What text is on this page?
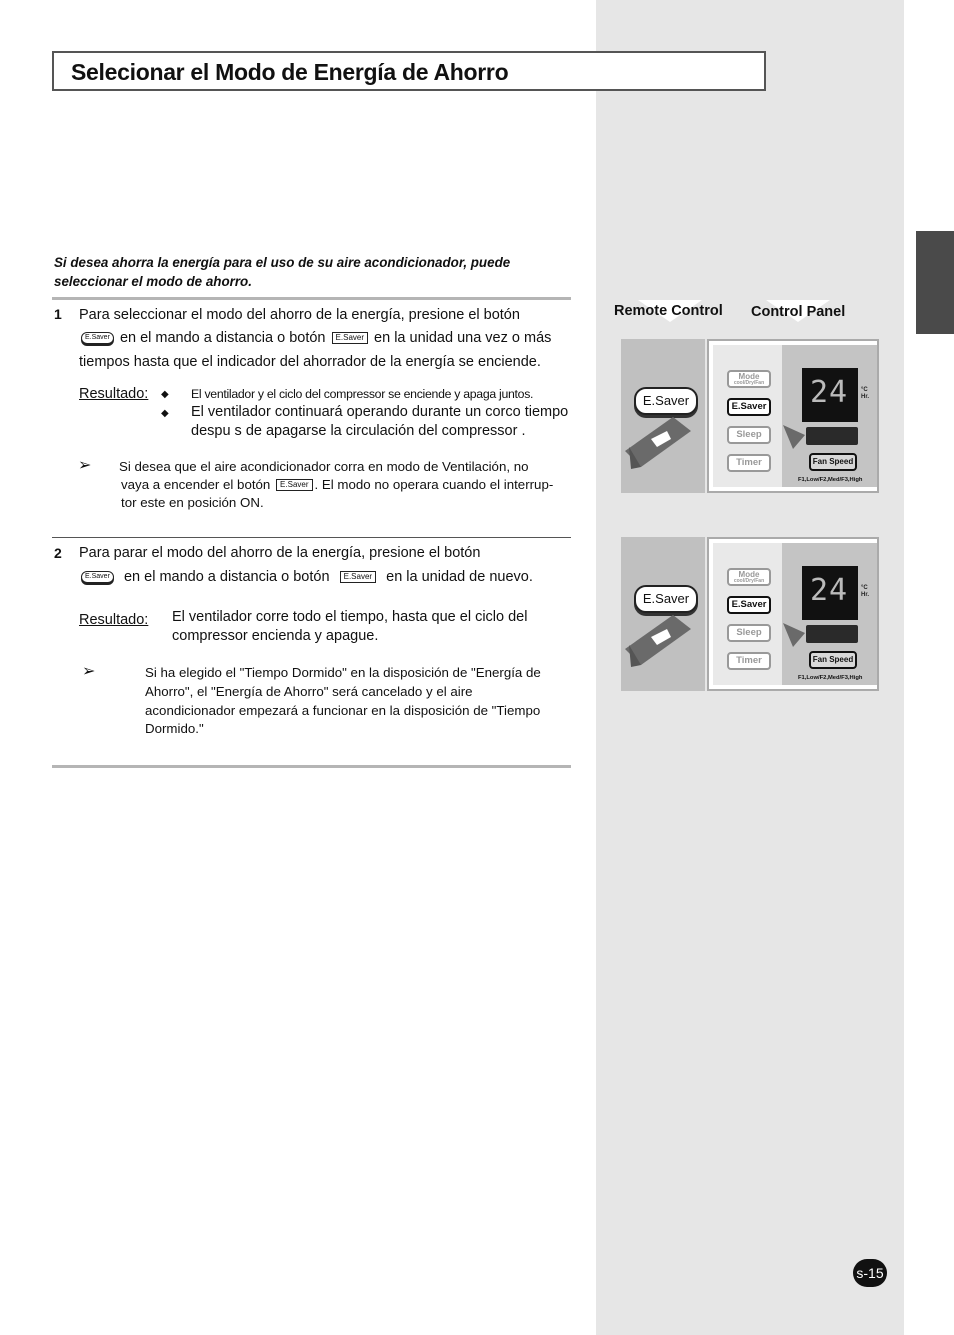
Selecionar el Modo de Energía de Ahorro
Si desea ahorra la energía para el uso de su aire acondicionador, puede seleccionar el modo de ahorro.
1 Para seleccionar el modo del ahorro de la energía, presione el botón
E.Saver en el mando a distancia o botón E.Saver en la unidad una vez o más
tiempos hasta que el indicador del ahorrador de la energía se enciende.
Resultado: ◆ El ventilador y el ciclo del compressor se enciende y apaga juntos.
◆ El ventilador continuará operando durante un corco tiempo
despu s de apagarse la circulación del compressor .
➢ Si desea que el aire acondicionador corra en modo de Ventilación, no
vaya a encender el botón E.Saver . El modo no operara cuando el interrup-
tor este en posición ON.
2 Para parar el modo del ahorro de la energía, presione el botón
E.Saver en el mando a distancia o botón E.Saver en la unidad de nuevo.
Resultado: El ventilador corre todo el tiempo, hasta que el ciclo del
compressor encienda y apague.
➢	Si ha elegido el "Tiempo Dormido" en la disposición de "Energía de
Ahorro", el "Energía de Ahorro" será cancelado y el aire
acondicionador empezará a funcionar en la disposición de "Tiempo
Dormido."
Remote Control Control Panel
E.Saver	24 °C
Hr.
Fan Speed
F1,Low/F2,Med/F3,High
Mode
cool/Dry/Fan
E.Saver
Sleep
Timer
E.Saver	24 °C
Hr.
Fan Speed
F1,Low/F2,Med/F3,High
Mode
cool/Dry/Fan
E.Saver
Sleep
Timer
s-15
